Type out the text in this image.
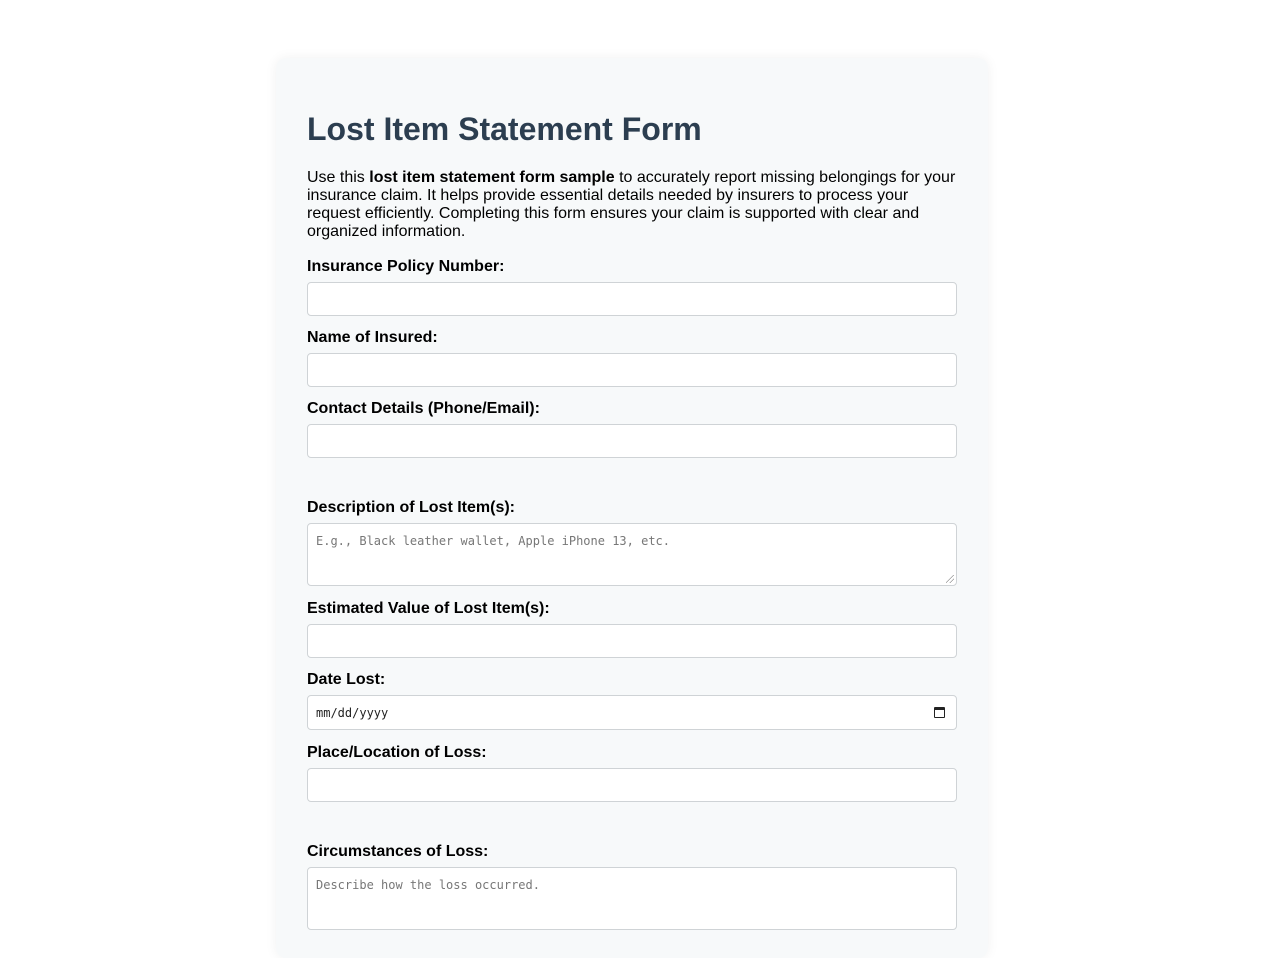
Lost Item Statement Form

Use this lost item statement form sample to accurately report missing belongings for your insurance claim. It helps provide essential details needed by insurers to process your request efficiently. Completing this form ensures your claim is supported with clear and organized information.

Insurance Policy Number:
Name of Insured:
Contact Details (Phone/Email):
Description of Lost Item(s):
E.g., Black leather wallet, Apple iPhone 13, etc.
Estimated Value of Lost Item(s):
Date Lost:
mm/dd/yyyy
Place/Location of Loss:
Circumstances of Loss:
Describe how the loss occurred.
